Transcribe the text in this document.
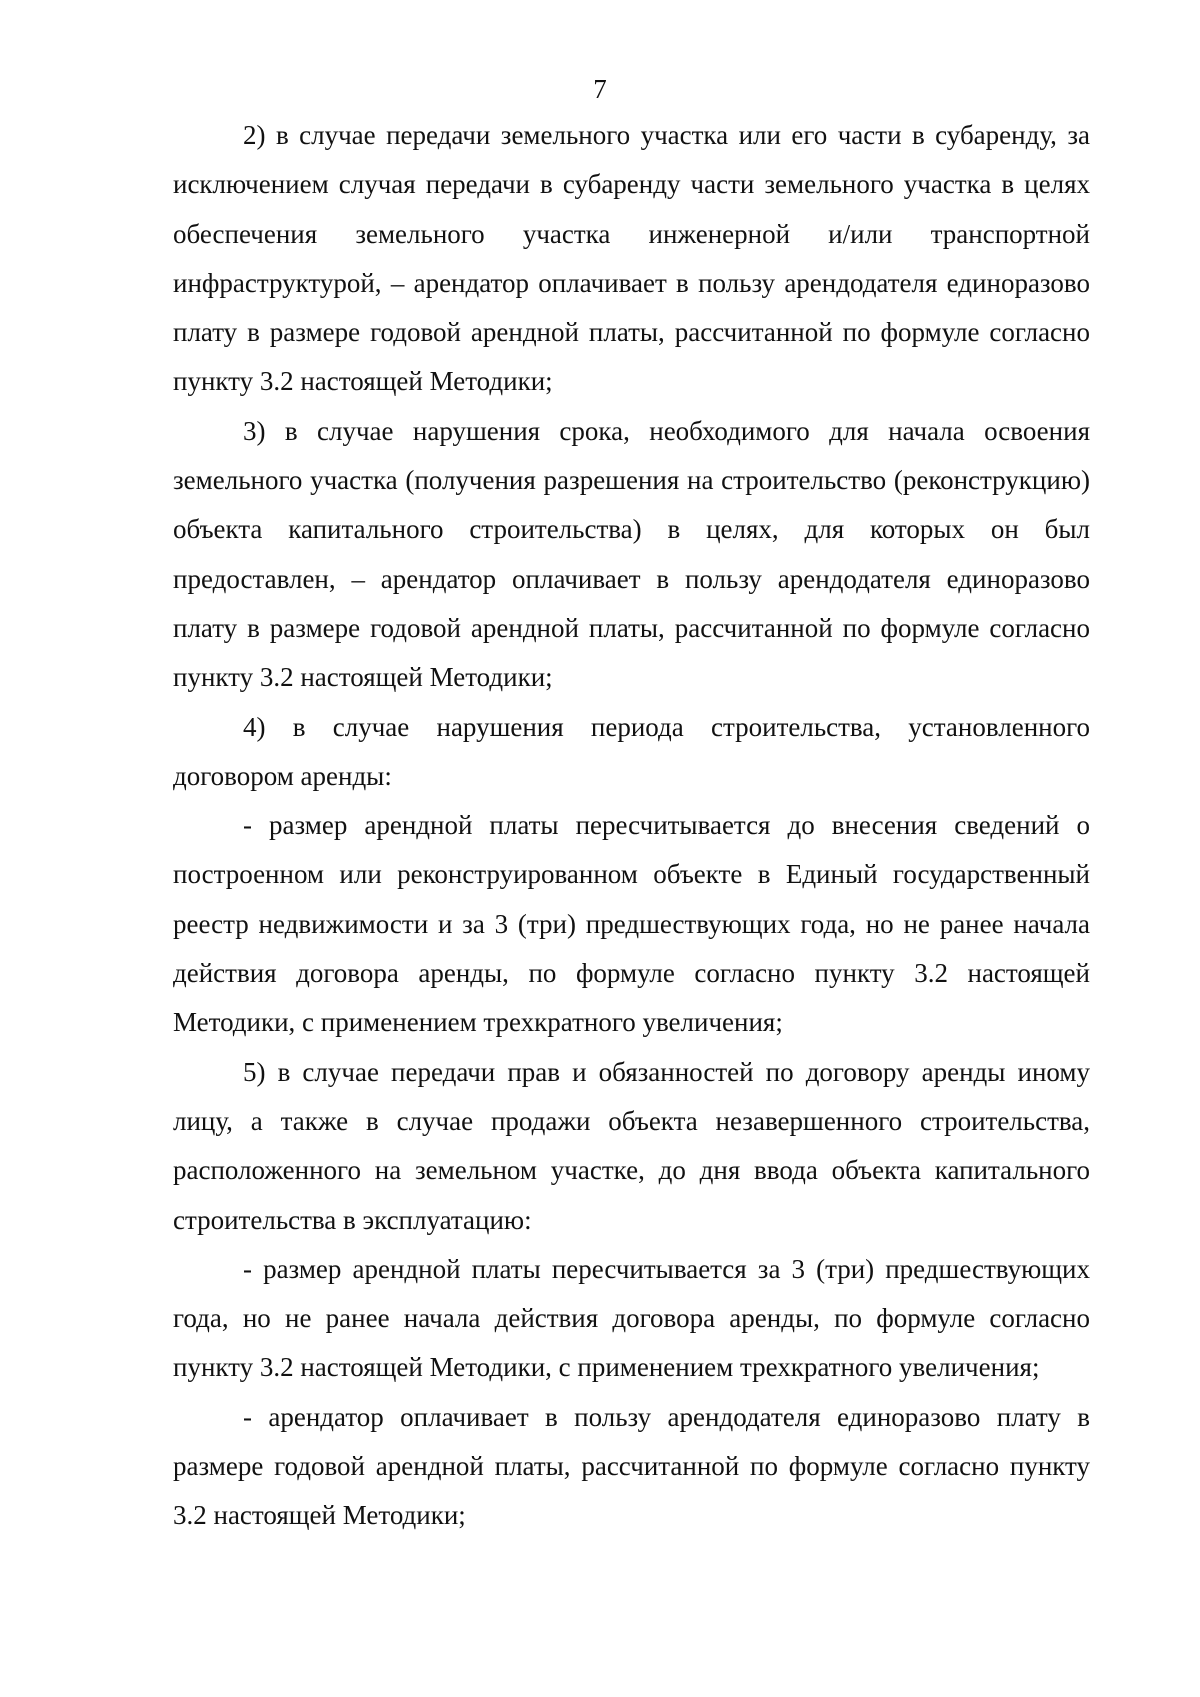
7

2) в случае передачи земельного участка или его части в субаренду, за исключением случая передачи в субаренду части земельного участка в целях обеспечения земельного участка инженерной и/или транспортной инфраструктурой, – арендатор оплачивает в пользу арендодателя единоразово плату в размере годовой арендной платы, рассчитанной по формуле согласно пункту 3.2 настоящей Методики;

3) в случае нарушения срока, необходимого для начала освоения земельного участка (получения разрешения на строительство (реконструкцию) объекта капитального строительства) в целях, для которых он был предоставлен, – арендатор оплачивает в пользу арендодателя единоразово плату в размере годовой арендной платы, рассчитанной по формуле согласно пункту 3.2 настоящей Методики;

4) в случае нарушения периода строительства, установленного договором аренды:

- размер арендной платы пересчитывается до внесения сведений о построенном или реконструированном объекте в Единый государственный реестр недвижимости и за 3 (три) предшествующих года, но не ранее начала действия договора аренды, по формуле согласно пункту 3.2 настоящей Методики, с применением трехкратного увеличения;

5) в случае передачи прав и обязанностей по договору аренды иному лицу, а также в случае продажи объекта незавершенного строительства, расположенного на земельном участке, до дня ввода объекта капитального строительства в эксплуатацию:

- размер арендной платы пересчитывается за 3 (три) предшествующих года, но не ранее начала действия договора аренды, по формуле согласно пункту 3.2 настоящей Методики, с применением трехкратного увеличения;

- арендатор оплачивает в пользу арендодателя единоразово плату в размере годовой арендной платы, рассчитанной по формуле согласно пункту 3.2 настоящей Методики;
